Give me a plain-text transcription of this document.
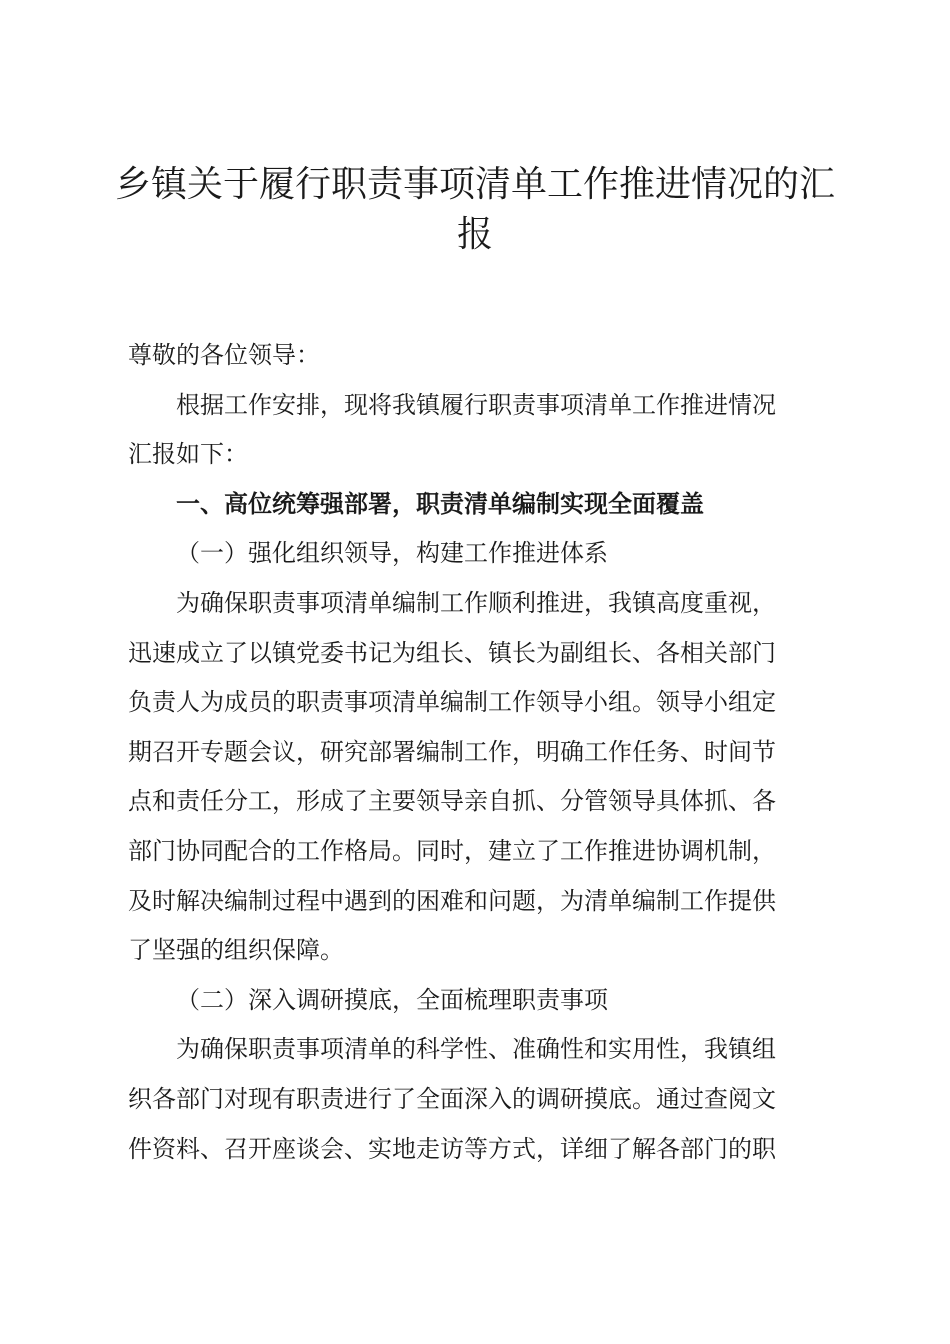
乡镇关于履行职责事项清单工作推进情况的汇
报
尊敬的各位领导：
根据工作安排，现将我镇履行职责事项清单工作推进情况
汇报如下：
一、高位统筹强部署，职责清单编制实现全面覆盖
（一）强化组织领导，构建工作推进体系
为确保职责事项清单编制工作顺利推进，我镇高度重视，
迅速成立了以镇党委书记为组长、镇长为副组长、各相关部门
负责人为成员的职责事项清单编制工作领导小组。领导小组定
期召开专题会议，研究部署编制工作，明确工作任务、时间节
点和责任分工，形成了主要领导亲自抓、分管领导具体抓、各
部门协同配合的工作格局。同时，建立了工作推进协调机制，
及时解决编制过程中遇到的困难和问题，为清单编制工作提供
了坚强的组织保障。
（二）深入调研摸底，全面梳理职责事项
为确保职责事项清单的科学性、准确性和实用性，我镇组
织各部门对现有职责进行了全面深入的调研摸底。通过查阅文
件资料、召开座谈会、实地走访等方式，详细了解各部门的职
